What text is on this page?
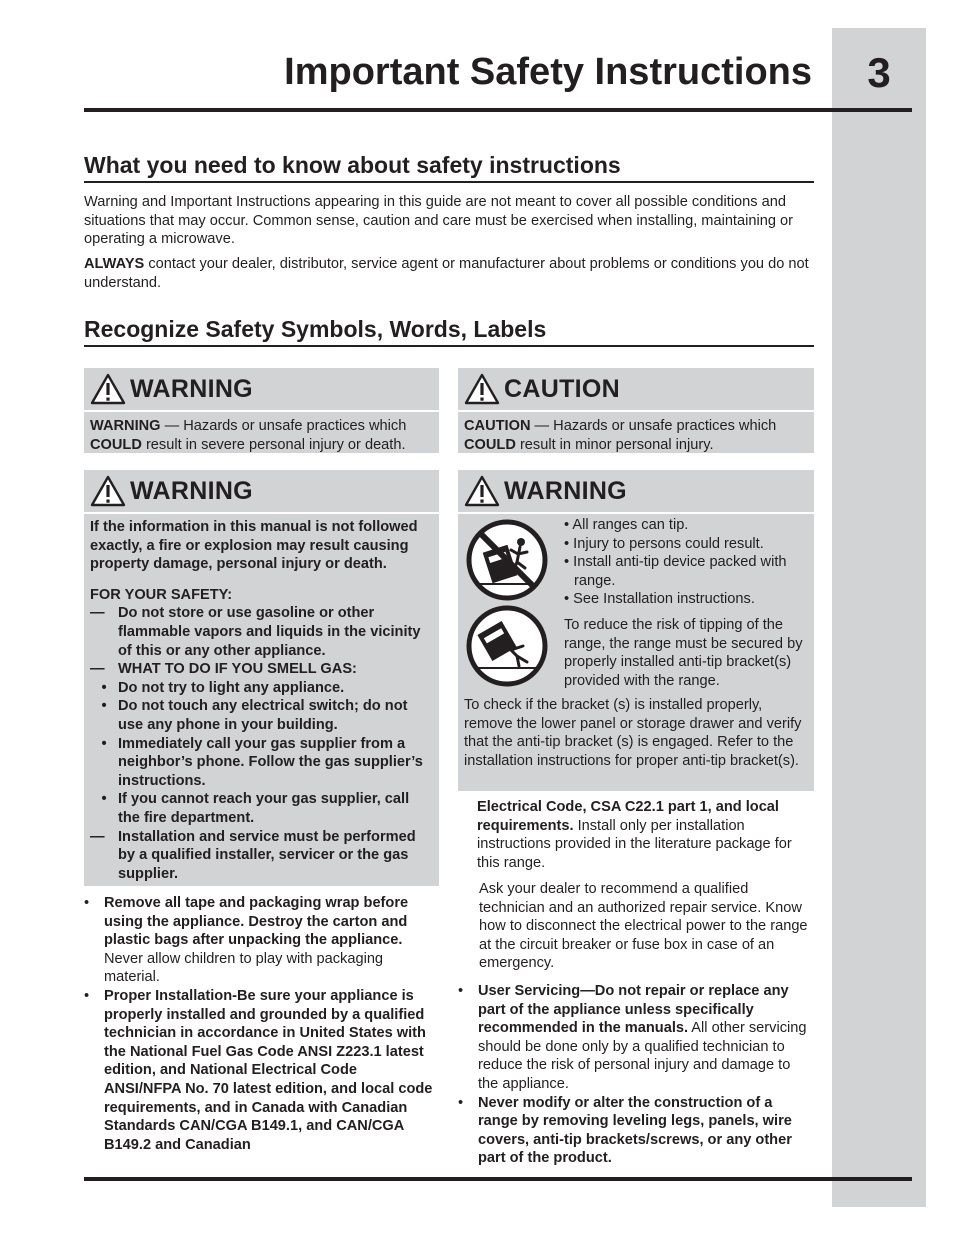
3
Important Safety Instructions
What you need to know about safety instructions
Warning and Important Instructions appearing in this guide are not meant to cover all possible conditions and situations that may occur. Common sense, caution and care must be exercised when installing, maintaining or operating a microwave.
ALWAYS contact your dealer, distributor, service agent or manufacturer about problems or conditions you do not understand.
Recognize Safety Symbols, Words, Labels
WARNING
WARNING — Hazards or unsafe practices which
COULD result in severe personal injury or death.
CAUTION
CAUTION — Hazards or unsafe practices which
COULD result in minor personal injury.
WARNING
If the information in this manual is not followed exactly, a fire or explosion may result causing property damage, personal injury or death.
FOR YOUR SAFETY:
— Do not store or use gasoline or other flammable vapors and liquids in the vicinity of this or any other appliance.
— WHAT TO DO IF YOU SMELL GAS:
• Do not try to light any appliance.
• Do not touch any electrical switch; do not use any phone in your building.
• Immediately call your gas supplier from a neighbor’s phone. Follow the gas supplier’s instructions.
• If you cannot reach your gas supplier, call the fire department.
— Installation and service must be performed by a qualified installer, servicer or the gas supplier.
•	Remove all tape and packaging wrap before using the appliance. Destroy the carton and plastic bags after unpacking the appliance. Never allow children to play with packaging material.
•	Proper Installation-Be sure your appliance is properly installed and grounded by a qualified technician in accordance in United States with the National Fuel Gas Code ANSI Z223.1 latest edition, and National Electrical Code ANSI/NFPA No. 70 latest edition, and local code requirements, and in Canada with Canadian Standards CAN/CGA B149.1, and CAN/CGA B149.2 and Canadian
WARNING
• All ranges can tip.
• Injury to persons could result.
• Install anti-tip device packed with
range.
• See Installation instructions.
To reduce the risk of tipping of the range, the range must be secured by properly installed anti-tip bracket(s) provided with the range.
To check if the bracket (s) is installed properly, remove the lower panel or storage drawer and verify that the anti-tip bracket (s) is engaged. Refer to the installation instructions for proper anti-tip bracket(s).
Electrical Code, CSA C22.1 part 1, and local requirements. Install only per installation instructions provided in the literature package for this range.
Ask your dealer to recommend a qualified technician and an authorized repair service. Know how to disconnect the electrical power to the range at the circuit breaker or fuse box in case of an emergency.
•	User Servicing—Do not repair or replace any part of the appliance unless specifically recommended in the manuals. All other servicing should be done only by a qualified technician to reduce the risk of personal injury and damage to the appliance.
•	Never modify or alter the construction of a range by removing leveling legs, panels, wire covers, anti-tip brackets/screws, or any other part of the product.
